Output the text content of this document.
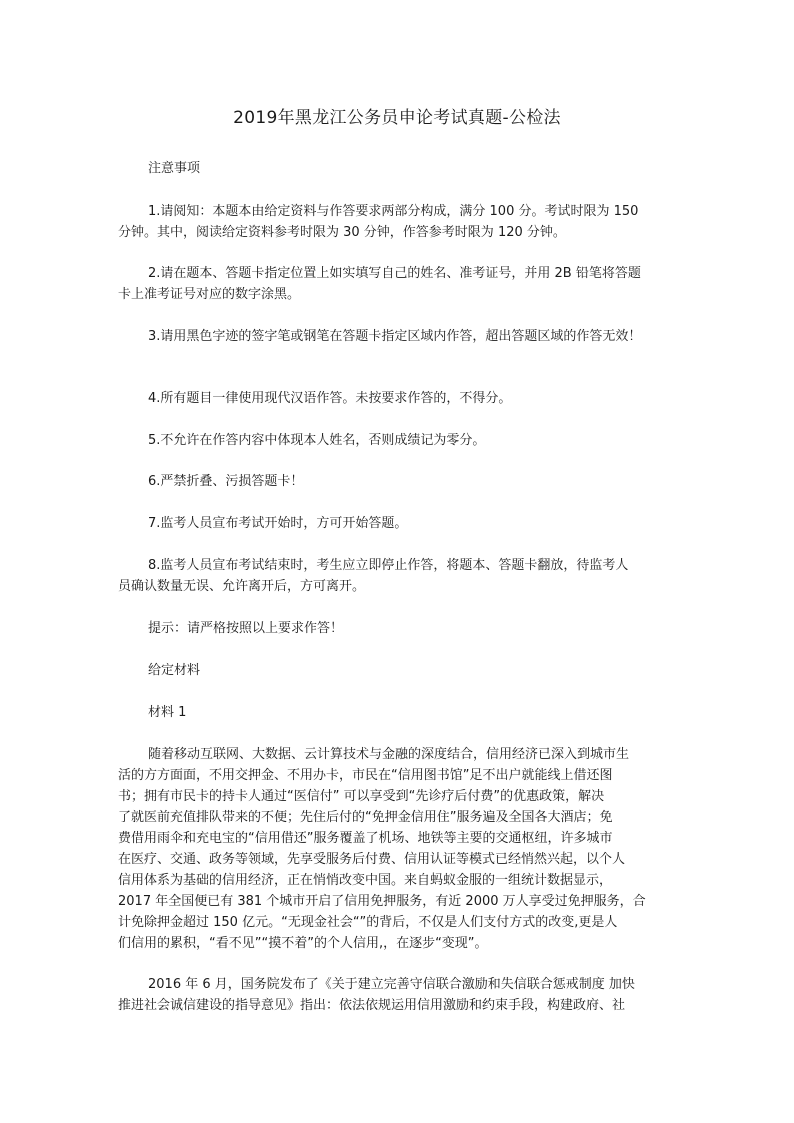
2019年黑龙江公务员申论考试真题-公检法
注意事项
1.请阅知：本题本由给定资料与作答要求两部分构成，满分 100 分。考试时限为 150
分钟。其中，阅读给定资料参考时限为 30 分钟，作答参考时限为 120 分钟。
2.请在题本、答题卡指定位置上如实填写自己的姓名、准考证号，并用 2B 铅笔将答题
卡上准考证号对应的数字涂黑。
3.请用黑色字迹的签字笔或钢笔在答题卡指定区域内作答，超出答题区域的作答无效！
4.所有题目一律使用现代汉语作答。未按要求作答的，不得分。
5.不允许在作答内容中体现本人姓名，否则成绩记为零分。
6.严禁折叠、污损答题卡！
7.监考人员宣布考试开始时，方可开始答题。
8.监考人员宣布考试结束时，考生应立即停止作答，将题本、答题卡翻放，待监考人
员确认数量无误、允许离开后，方可离开。
提示：请严格按照以上要求作答！
给定材料
材料 1
随着移动互联网、大数据、云计算技术与金融的深度结合，信用经济已深入到城市生
活的方方面面，不用交押金、不用办卡，市民在“信用图书馆”足不出户就能线上借还图
书；拥有市民卡的持卡人通过“医信付” 可以享受到“先诊疗后付费”的优惠政策，解决
了就医前充值排队带来的不便；先住后付的“免押金信用住”服务遍及全国各大酒店；免
费借用雨伞和充电宝的“信用借还”服务覆盖了机场、地铁等主要的交通枢纽，许多城市
在医疗、交通、政务等领域，先享受服务后付费、信用认证等模式已经悄然兴起，以个人
信用体系为基础的信用经济，正在悄悄改变中国。来自蚂蚁金服的一组统计数据显示，
2017 年全国便已有 381 个城市开启了信用免押服务，有近 2000 万人享受过免押服务，合
计免除押金超过 150 亿元。“无现金社会“”的背后，不仅是人们支付方式的改变,更是人
们信用的累积，“看不见”“摸不着”的个人信用,，在逐步“变现”。
2016 年 6 月，国务院发布了《关于建立完善守信联合激励和失信联合惩戒制度 加快
推进社会诚信建设的指导意见》指出：依法依规运用信用激励和约束手段，构建政府、社
